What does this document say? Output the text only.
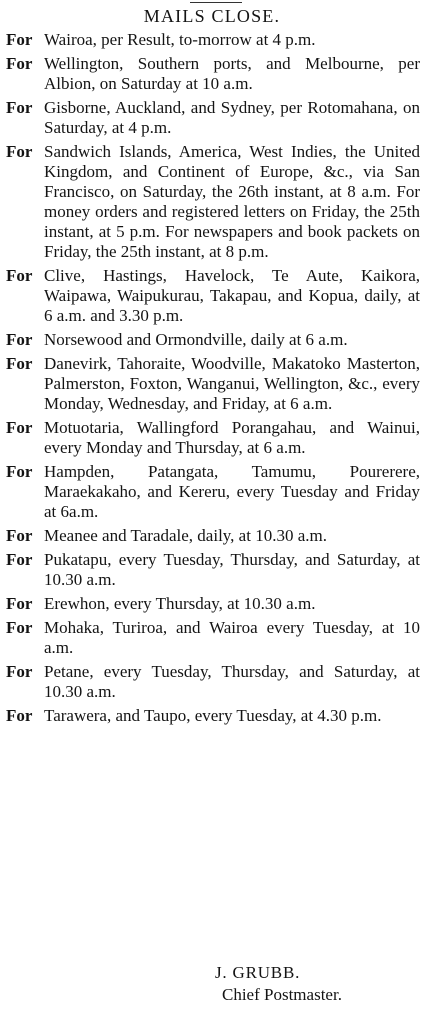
MAILS CLOSE.
For Wairoa, per Result, to-morrow at 4 p.m.
For Wellington, Southern ports, and Melbourne, per Albion, on Saturday at 10 a.m.
For Gisborne, Auckland, and Sydney, per Rotomahana, on Saturday, at 4 p.m.
For Sandwich Islands, America, West Indies, the United Kingdom, and Continent of Europe, &c., via San Francisco, on Saturday, the 26th instant, at 8 a.m. For money orders and registered letters on Friday, the 25th instant, at 5 p.m. For newspapers and book packets on Friday, the 25th instant, at 8 p.m.
For Clive, Hastings, Havelock, Te Aute, Kaikora, Waipawa, Waipukurau, Takapau, and Kopua, daily, at 6 a.m. and 3.30 p.m.
For Norsewood and Ormondville, daily at 6 a.m.
For Danevirk, Tahoraite, Woodville, Makatoko Masterton, Palmerston, Foxton, Wanganui, Wellington, &c., every Monday, Wednesday, and Friday, at 6 a.m.
For Motuotaria, Wallingford Porangahau, and Wainui, every Monday and Thursday, at 6 a.m.
For Hampden, Patangata, Tamumu, Pourerere, Maraekakaho, and Kereru, every Tuesday and Friday at 6a.m.
For Meanee and Taradale, daily, at 10.30 a.m.
For Pukatapu, every Tuesday, Thursday, and Saturday, at 10.30 a.m.
For Erewhon, every Thursday, at 10.30 a.m.
For Mohaka, Turiroa, and Wairoa every Tuesday, at 10 a.m.
For Petane, every Tuesday, Thursday, and Saturday, at 10.30 a.m.
For Tarawera, and Taupo, every Tuesday, at 4.30 p.m.
J. GRUBB.
Chief Postmaster.
